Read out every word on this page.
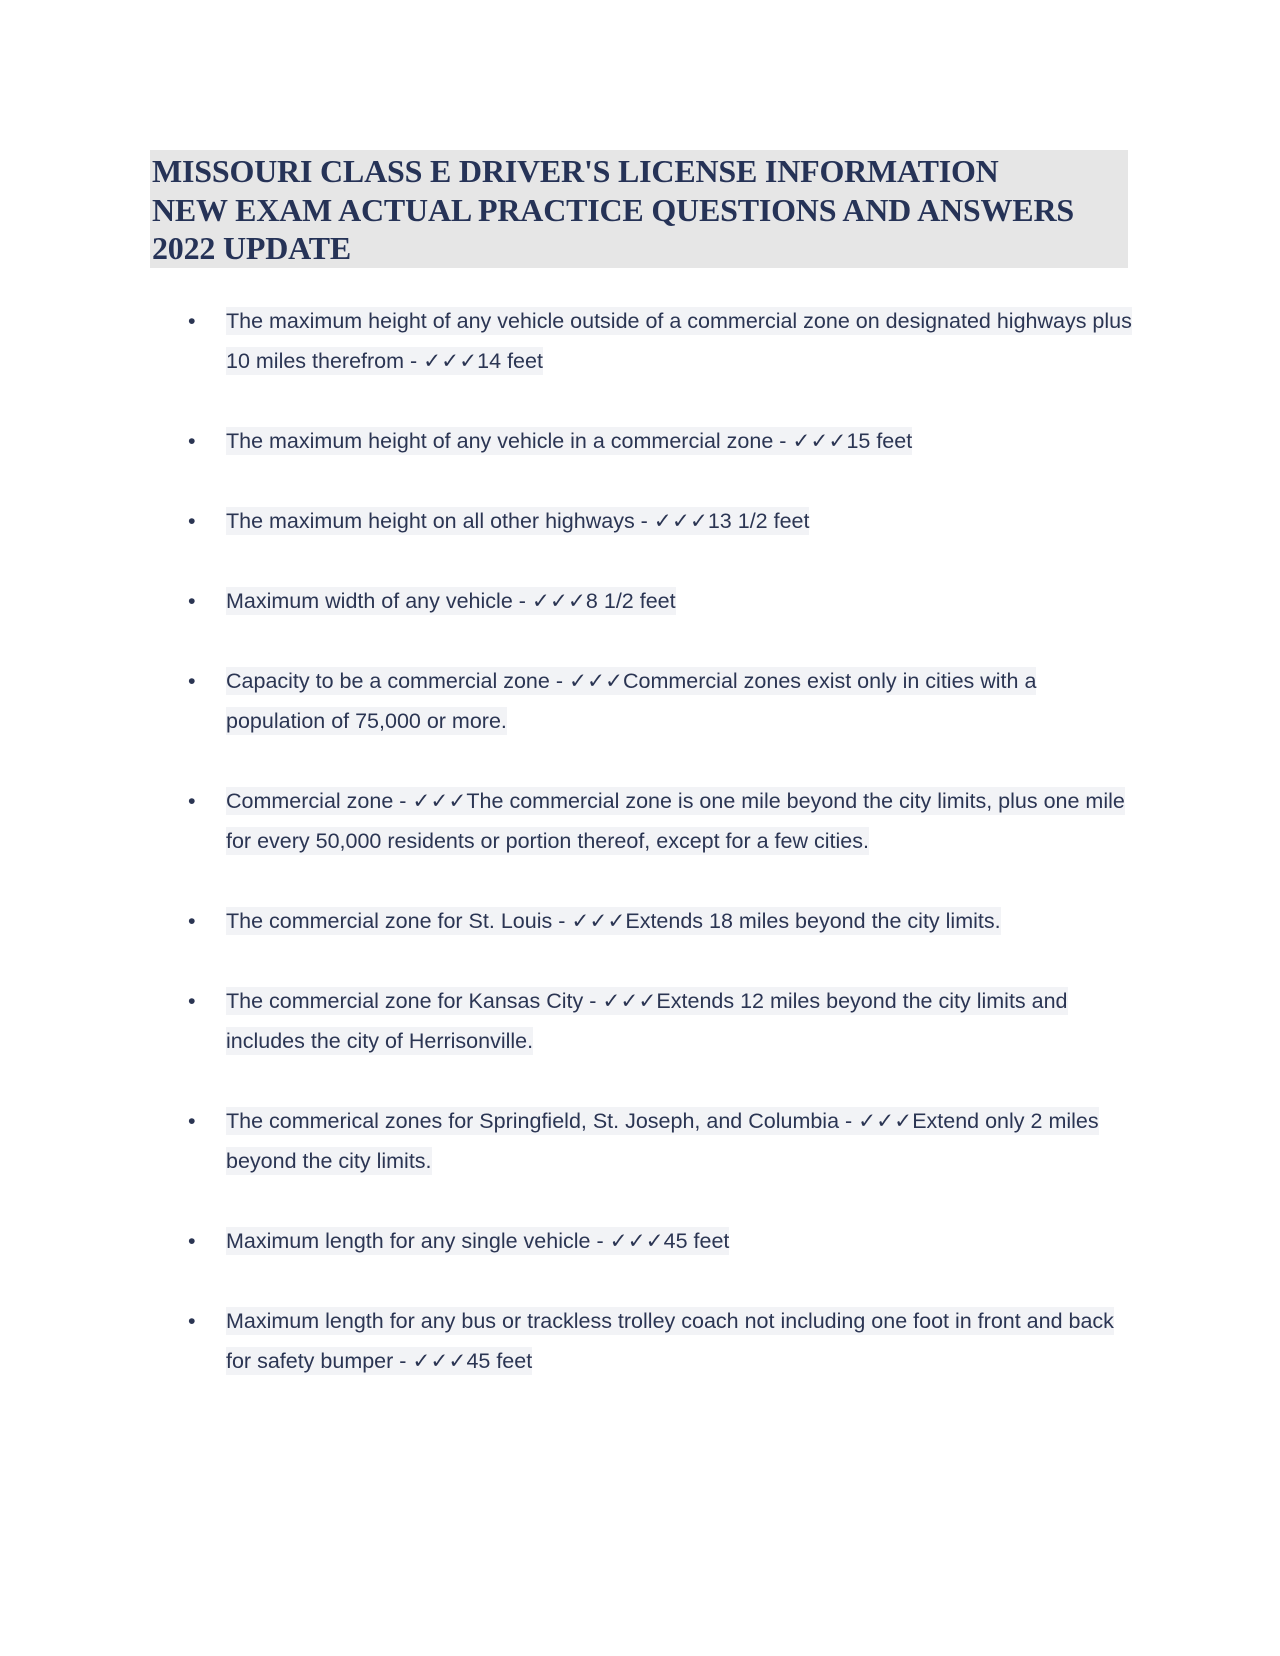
MISSOURI CLASS E DRIVER'S LICENSE INFORMATION
NEW EXAM ACTUAL PRACTICE QUESTIONS AND ANSWERS
2022 UPDATE
• The maximum height of any vehicle outside of a commercial zone on designated highways plus 10 miles therefrom - ✓✓✓14 feet
• The maximum height of any vehicle in a commercial zone - ✓✓✓15 feet
• The maximum height on all other highways - ✓✓✓13 1/2 feet
• Maximum width of any vehicle - ✓✓✓8 1/2 feet
• Capacity to be a commercial zone - ✓✓✓Commercial zones exist only in cities with a population of 75,000 or more.
• Commercial zone - ✓✓✓The commercial zone is one mile beyond the city limits, plus one mile for every 50,000 residents or portion thereof, except for a few cities.
• The commercial zone for St. Louis - ✓✓✓Extends 18 miles beyond the city limits.
• The commercial zone for Kansas City - ✓✓✓Extends 12 miles beyond the city limits and includes the city of Herrisonville.
• The commerical zones for Springfield, St. Joseph, and Columbia - ✓✓✓Extend only 2 miles beyond the city limits.
• Maximum length for any single vehicle - ✓✓✓45 feet
• Maximum length for any bus or trackless trolley coach not including one foot in front and back for safety bumper - ✓✓✓45 feet
